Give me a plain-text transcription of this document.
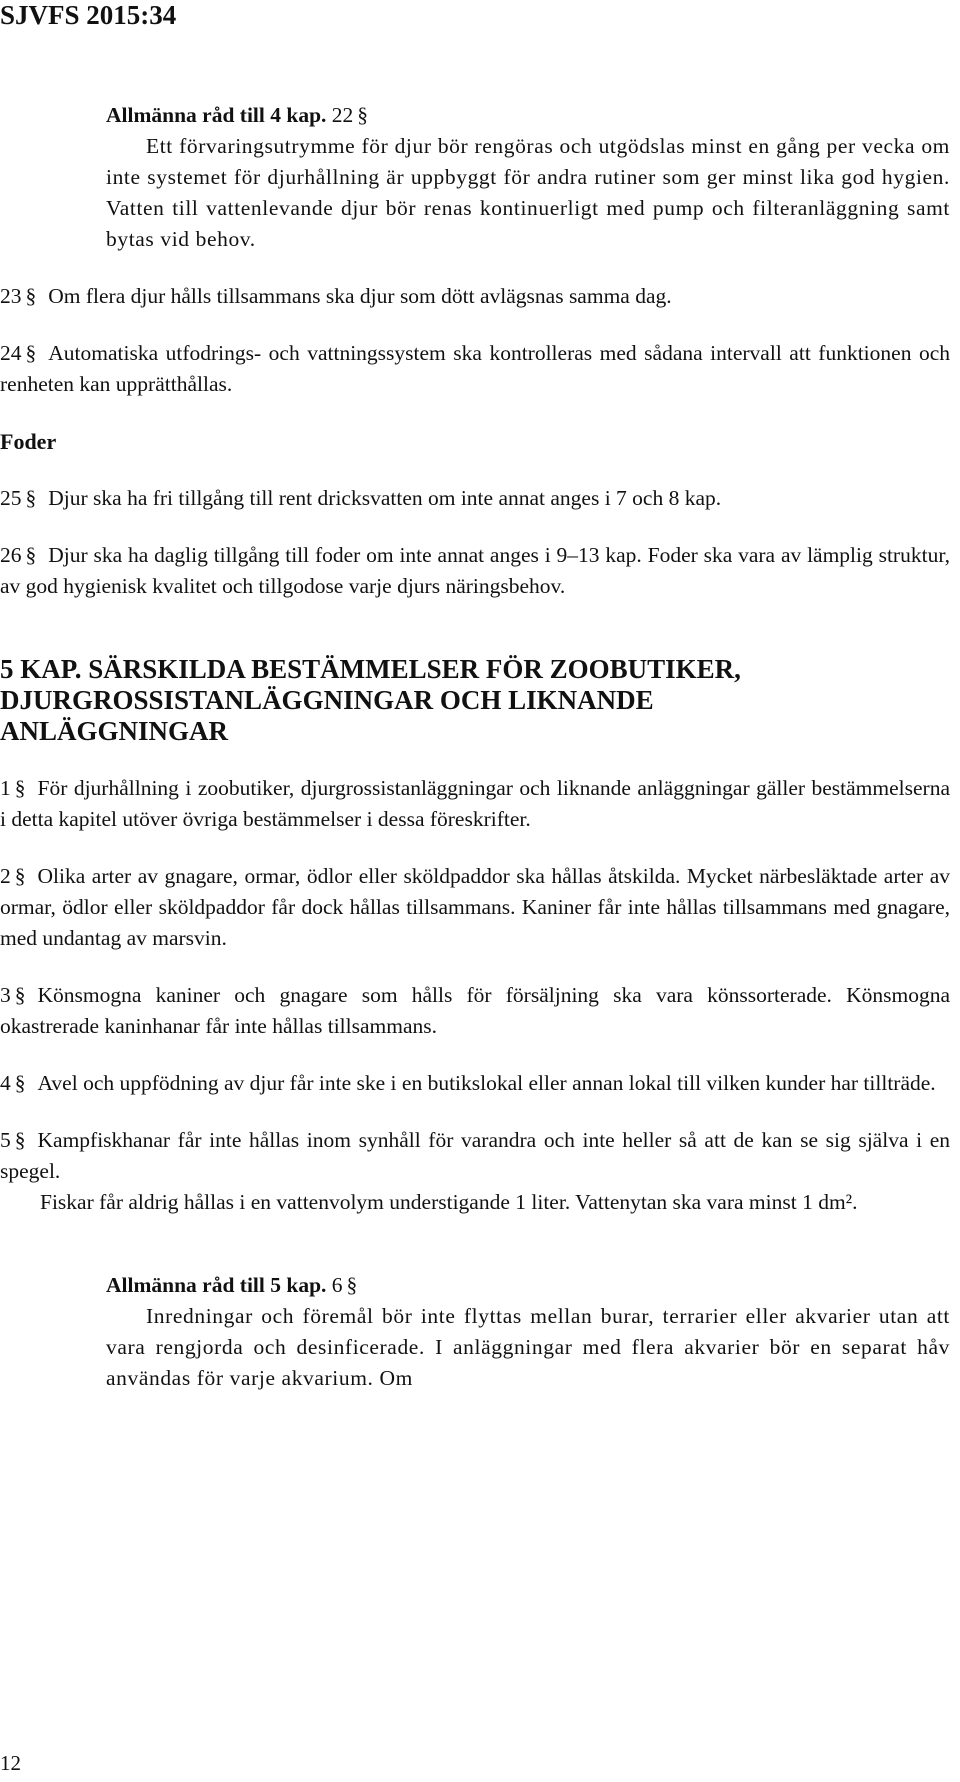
SJVFS 2015:34

Allmänna råd till 4 kap. 22 §

Ett förvaringsutrymme för djur bör rengöras och utgödslas minst en gång per vecka om inte systemet för djurhållning är uppbyggt för andra rutiner som ger minst lika god hygien. Vatten till vattenlevande djur bör renas kontinuerligt med pump och filteranläggning samt bytas vid behov.

23 § Om flera djur hålls tillsammans ska djur som dött avlägsnas samma dag.

24 § Automatiska utfodrings- och vattningssystem ska kontrolleras med sådana intervall att funktionen och renheten kan upprätthållas.

Foder

25 § Djur ska ha fri tillgång till rent dricksvatten om inte annat anges i 7 och 8 kap.

26 § Djur ska ha daglig tillgång till foder om inte annat anges i 9–13 kap. Foder ska vara av lämplig struktur, av god hygienisk kvalitet och tillgodose varje djurs näringsbehov.

5 KAP. SÄRSKILDA BESTÄMMELSER FÖR ZOOBUTIKER,
DJURGROSSISTANLÄGGNINGAR OCH LIKNANDE
ANLÄGGNINGAR

1 § För djurhållning i zoobutiker, djurgrossistanläggningar och liknande anläggningar gäller bestämmelserna i detta kapitel utöver övriga bestämmelser i dessa föreskrifter.

2 § Olika arter av gnagare, ormar, ödlor eller sköldpaddor ska hållas åtskilda. Mycket närbesläktade arter av ormar, ödlor eller sköldpaddor får dock hållas tillsammans. Kaniner får inte hållas tillsammans med gnagare, med undantag av marsvin.

3 § Könsmogna kaniner och gnagare som hålls för försäljning ska vara könssorterade. Könsmogna okastrerade kaninhanar får inte hållas tillsammans.

4 § Avel och uppfödning av djur får inte ske i en butikslokal eller annan lokal till vilken kunder har tillträde.

5 § Kampfiskhanar får inte hållas inom synhåll för varandra och inte heller så att de kan se sig själva i en spegel.

Fiskar får aldrig hållas i en vattenvolym understigande 1 liter. Vattenytan ska vara minst 1 dm².

Allmänna råd till 5 kap. 6 §

Inredningar och föremål bör inte flyttas mellan burar, terrarier eller akvarier utan att vara rengjorda och desinficerade. I anläggningar med flera akvarier bör en separat håv användas för varje akvarium. Om

12
